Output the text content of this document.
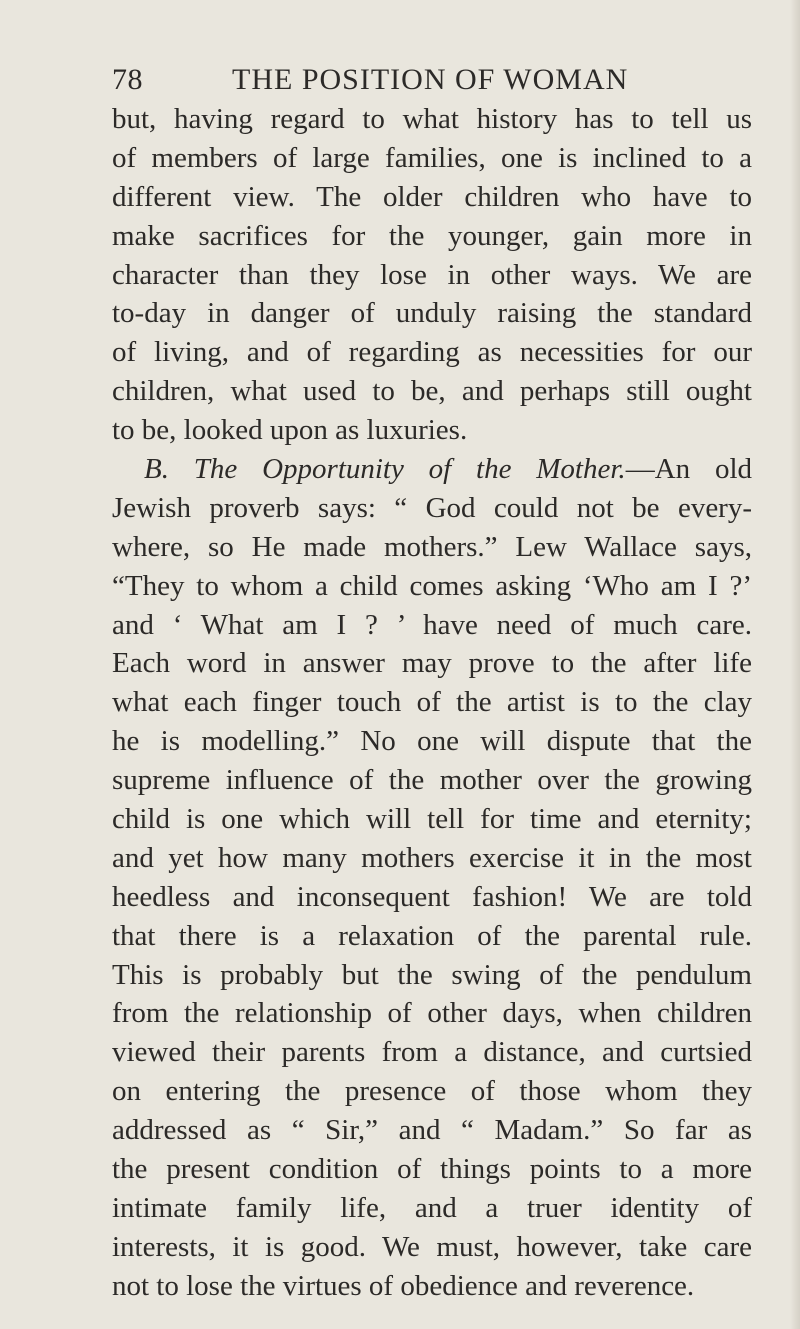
78	THE POSITION OF WOMAN
but, having regard to what history has to tell us
of members of large families, one is inclined to a
different view. The older children who have to
make sacrifices for the younger, gain more in
character than they lose in other ways. We are
to-day in danger of unduly raising the standard
of living, and of regarding as necessities for our
children, what used to be, and perhaps still ought
to be, looked upon as luxuries.
B. The Opportunity of the Mother.—An old
Jewish proverb says: “ God could not be every-
where, so He made mothers.” Lew Wallace says,
“They to whom a child comes asking ‘Who am I ?’
and ‘ What am I ? ’ have need of much care.
Each word in answer may prove to the after life
what each finger touch of the artist is to the clay
he is modelling.” No one will dispute that the
supreme influence of the mother over the growing
child is one which will tell for time and eternity;
and yet how many mothers exercise it in the most
heedless and inconsequent fashion! We are told
that there is a relaxation of the parental rule.
This is probably but the swing of the pendulum
from the relationship of other days, when children
viewed their parents from a distance, and curtsied
on entering the presence of those whom they
addressed as “ Sir,” and “ Madam.” So far as
the present condition of things points to a more
intimate family life, and a truer identity of
interests, it is good. We must, however, take care
not to lose the virtues of obedience and reverence.
